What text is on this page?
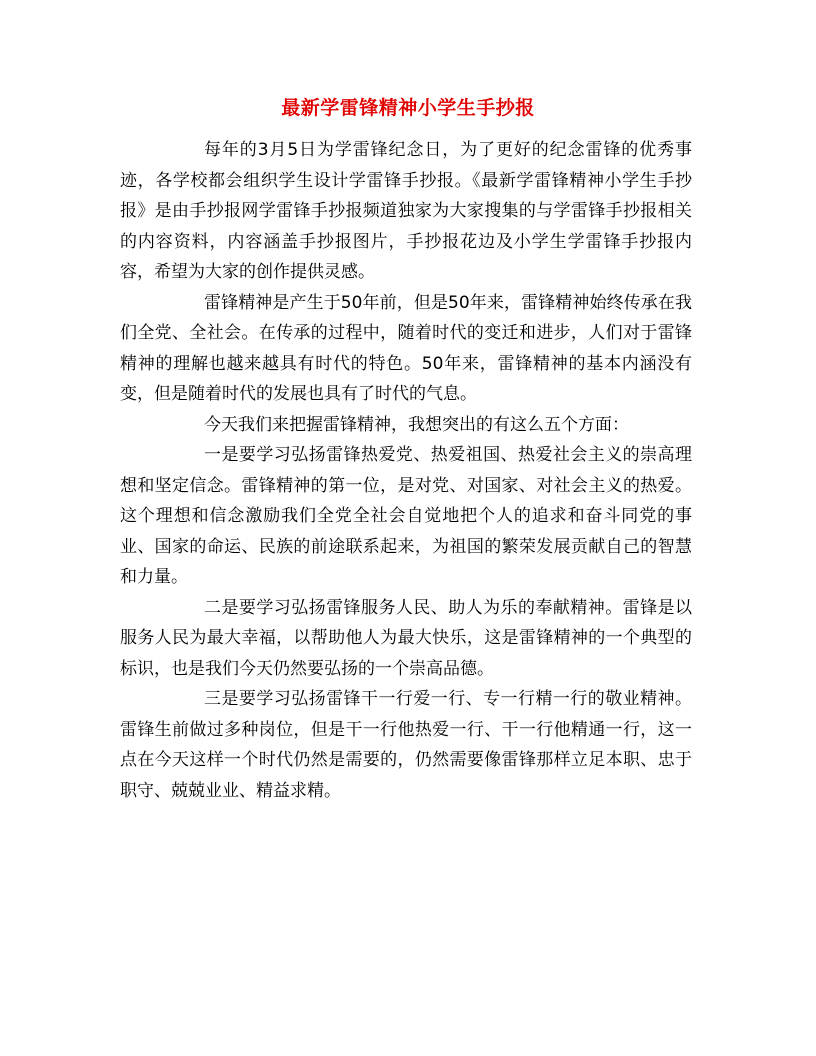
最新学雷锋精神小学生手抄报

每年的3月5日为学雷锋纪念日，为了更好的纪念雷锋的优秀事迹，各学校都会组织学生设计学雷锋手抄报。《最新学雷锋精神小学生手抄报》是由手抄报网学雷锋手抄报频道独家为大家搜集的与学雷锋手抄报相关的内容资料，内容涵盖手抄报图片，手抄报花边及小学生学雷锋手抄报内容，希望为大家的创作提供灵感。

雷锋精神是产生于50年前，但是50年来，雷锋精神始终传承在我们全党、全社会。在传承的过程中，随着时代的变迁和进步，人们对于雷锋精神的理解也越来越具有时代的特色。50年来，雷锋精神的基本内涵没有变，但是随着时代的发展也具有了时代的气息。

今天我们来把握雷锋精神，我想突出的有这么五个方面：

一是要学习弘扬雷锋热爱党、热爱祖国、热爱社会主义的崇高理想和坚定信念。雷锋精神的第一位，是对党、对国家、对社会主义的热爱。这个理想和信念激励我们全党全社会自觉地把个人的追求和奋斗同党的事业、国家的命运、民族的前途联系起来，为祖国的繁荣发展贡献自己的智慧和力量。

二是要学习弘扬雷锋服务人民、助人为乐的奉献精神。雷锋是以服务人民为最大幸福，以帮助他人为最大快乐，这是雷锋精神的一个典型的标识，也是我们今天仍然要弘扬的一个崇高品德。

三是要学习弘扬雷锋干一行爱一行、专一行精一行的敬业精神。雷锋生前做过多种岗位，但是干一行他热爱一行、干一行他精通一行，这一点在今天这样一个时代仍然是需要的，仍然需要像雷锋那样立足本职、忠于职守、兢兢业业、精益求精。
